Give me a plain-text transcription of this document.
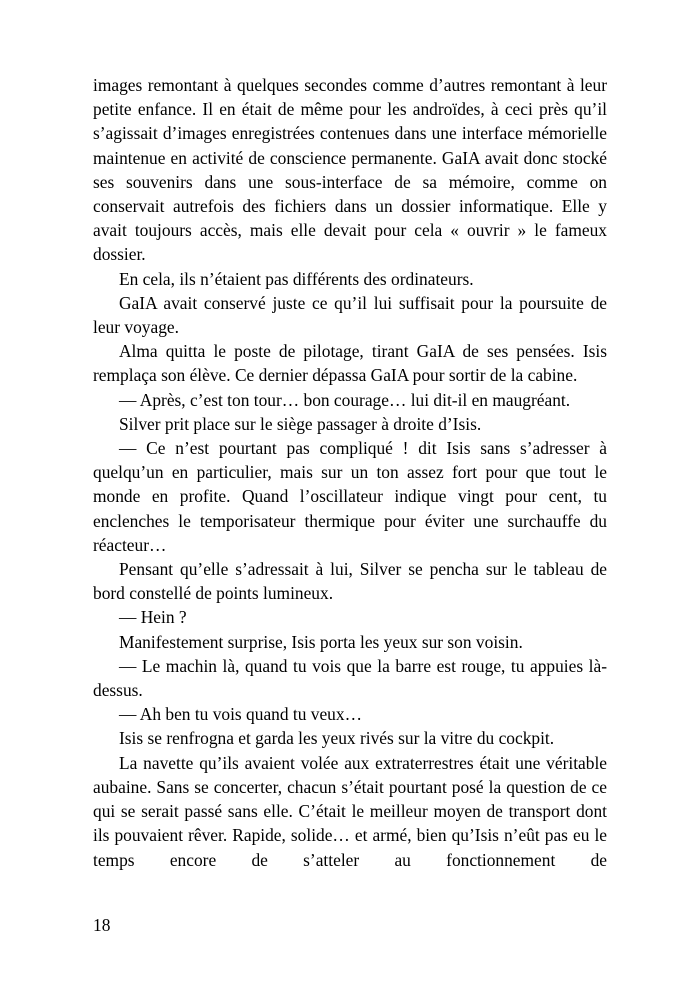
images remontant à quelques secondes comme d’autres remontant à leur petite enfance. Il en était de même pour les androïdes, à ceci près qu’il s’agissait d’images enregistrées contenues dans une interface mémorielle maintenue en activité de conscience permanente. GaIA avait donc stocké ses souvenirs dans une sous-interface de sa mémoire, comme on conservait autrefois des fichiers dans un dossier informatique. Elle y avait toujours accès, mais elle devait pour cela « ouvrir » le fameux dossier.

En cela, ils n’étaient pas différents des ordinateurs.

GaIA avait conservé juste ce qu’il lui suffisait pour la poursuite de leur voyage.

Alma quitta le poste de pilotage, tirant GaIA de ses pensées. Isis remplaça son élève. Ce dernier dépassa GaIA pour sortir de la cabine.

— Après, c’est ton tour… bon courage… lui dit-il en maugréant.

Silver prit place sur le siège passager à droite d’Isis.

— Ce n’est pourtant pas compliqué ! dit Isis sans s’adresser à quelqu’un en particulier, mais sur un ton assez fort pour que tout le monde en profite. Quand l’oscillateur indique vingt pour cent, tu enclenches le temporisateur thermique pour éviter une surchauffe du réacteur…

Pensant qu’elle s’adressait à lui, Silver se pencha sur le tableau de bord constellé de points lumineux.

— Hein ?

Manifestement surprise, Isis porta les yeux sur son voisin.

— Le machin là, quand tu vois que la barre est rouge, tu appuies là-dessus.

— Ah ben tu vois quand tu veux…

Isis se renfrogna et garda les yeux rivés sur la vitre du cockpit.

La navette qu’ils avaient volée aux extraterrestres était une véritable aubaine. Sans se concerter, chacun s’était pourtant posé la question de ce qui se serait passé sans elle. C’était le meilleur moyen de transport dont ils pouvaient rêver. Rapide, solide… et armé, bien qu’Isis n’eût pas eu le temps encore de s’atteler au fonctionnement de

18
